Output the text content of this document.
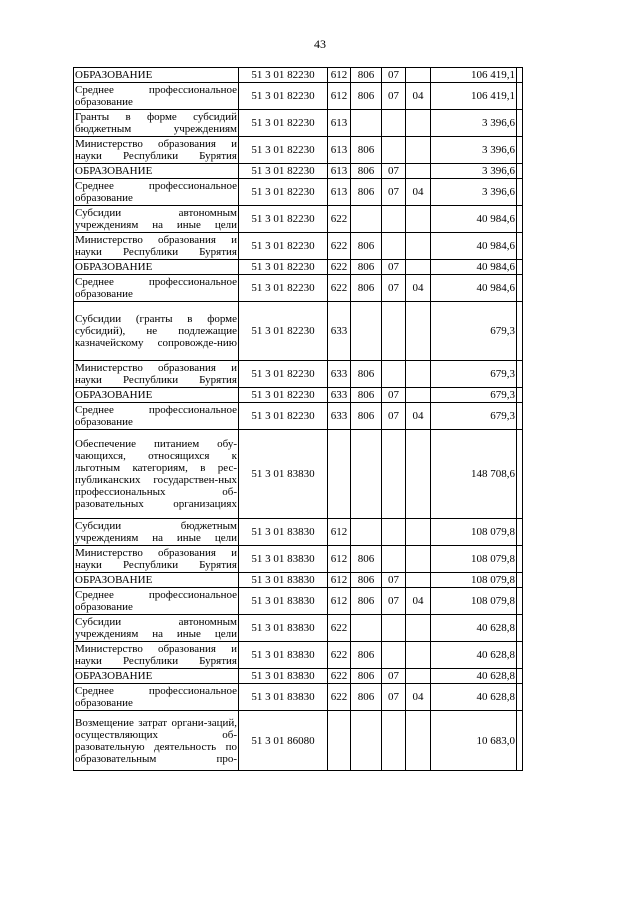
43
ОБРАЗОВАНИЕ	51 3 01 82230	612	806	07		106 419,1	
Среднее профессиональное образование	51 3 01 82230	612	806	07	04	106 419,1	
Гранты в форме субсидий бюджетным учреждениям	51 3 01 82230	613				3 396,6	
Министерство образования и науки Республики Бурятия	51 3 01 82230	613	806			3 396,6	
ОБРАЗОВАНИЕ	51 3 01 82230	613	806	07		3 396,6	
Среднее профессиональное образование	51 3 01 82230	613	806	07	04	3 396,6	
Субсидии автономным учреждениям на иные цели	51 3 01 82230	622				40 984,6	
Министерство образования и науки Республики Бурятия	51 3 01 82230	622	806			40 984,6	
ОБРАЗОВАНИЕ	51 3 01 82230	622	806	07		40 984,6	
Среднее профессиональное образование	51 3 01 82230	622	806	07	04	40 984,6	
Субсидии (гранты в форме субсидий), не подлежащие казначейскому сопровожде-нию	51 3 01 82230	633				679,3	
Министерство образования и науки Республики Бурятия	51 3 01 82230	633	806			679,3	
ОБРАЗОВАНИЕ	51 3 01 82230	633	806	07		679,3	
Среднее профессиональное образование	51 3 01 82230	633	806	07	04	679,3	
Обеспечение питанием обу-чающихся, относящихся к льготным категориям, в рес-публиканских государствен-ных профессиональных об-разовательных организациях	51 3 01 83830					148 708,6	
Субсидии бюджетным учреждениям на иные цели	51 3 01 83830	612				108 079,8	
Министерство образования и науки Республики Бурятия	51 3 01 83830	612	806			108 079,8	
ОБРАЗОВАНИЕ	51 3 01 83830	612	806	07		108 079,8	
Среднее профессиональное образование	51 3 01 83830	612	806	07	04	108 079,8	
Субсидии автономным учреждениям на иные цели	51 3 01 83830	622				40 628,8	
Министерство образования и науки Республики Бурятия	51 3 01 83830	622	806			40 628,8	
ОБРАЗОВАНИЕ	51 3 01 83830	622	806	07		40 628,8	
Среднее профессиональное образование	51 3 01 83830	622	806	07	04	40 628,8	
Возмещение затрат органи-заций, осуществляющих об-разовательную деятельность по образовательным про-	51 3 01 86080					10 683,0	
